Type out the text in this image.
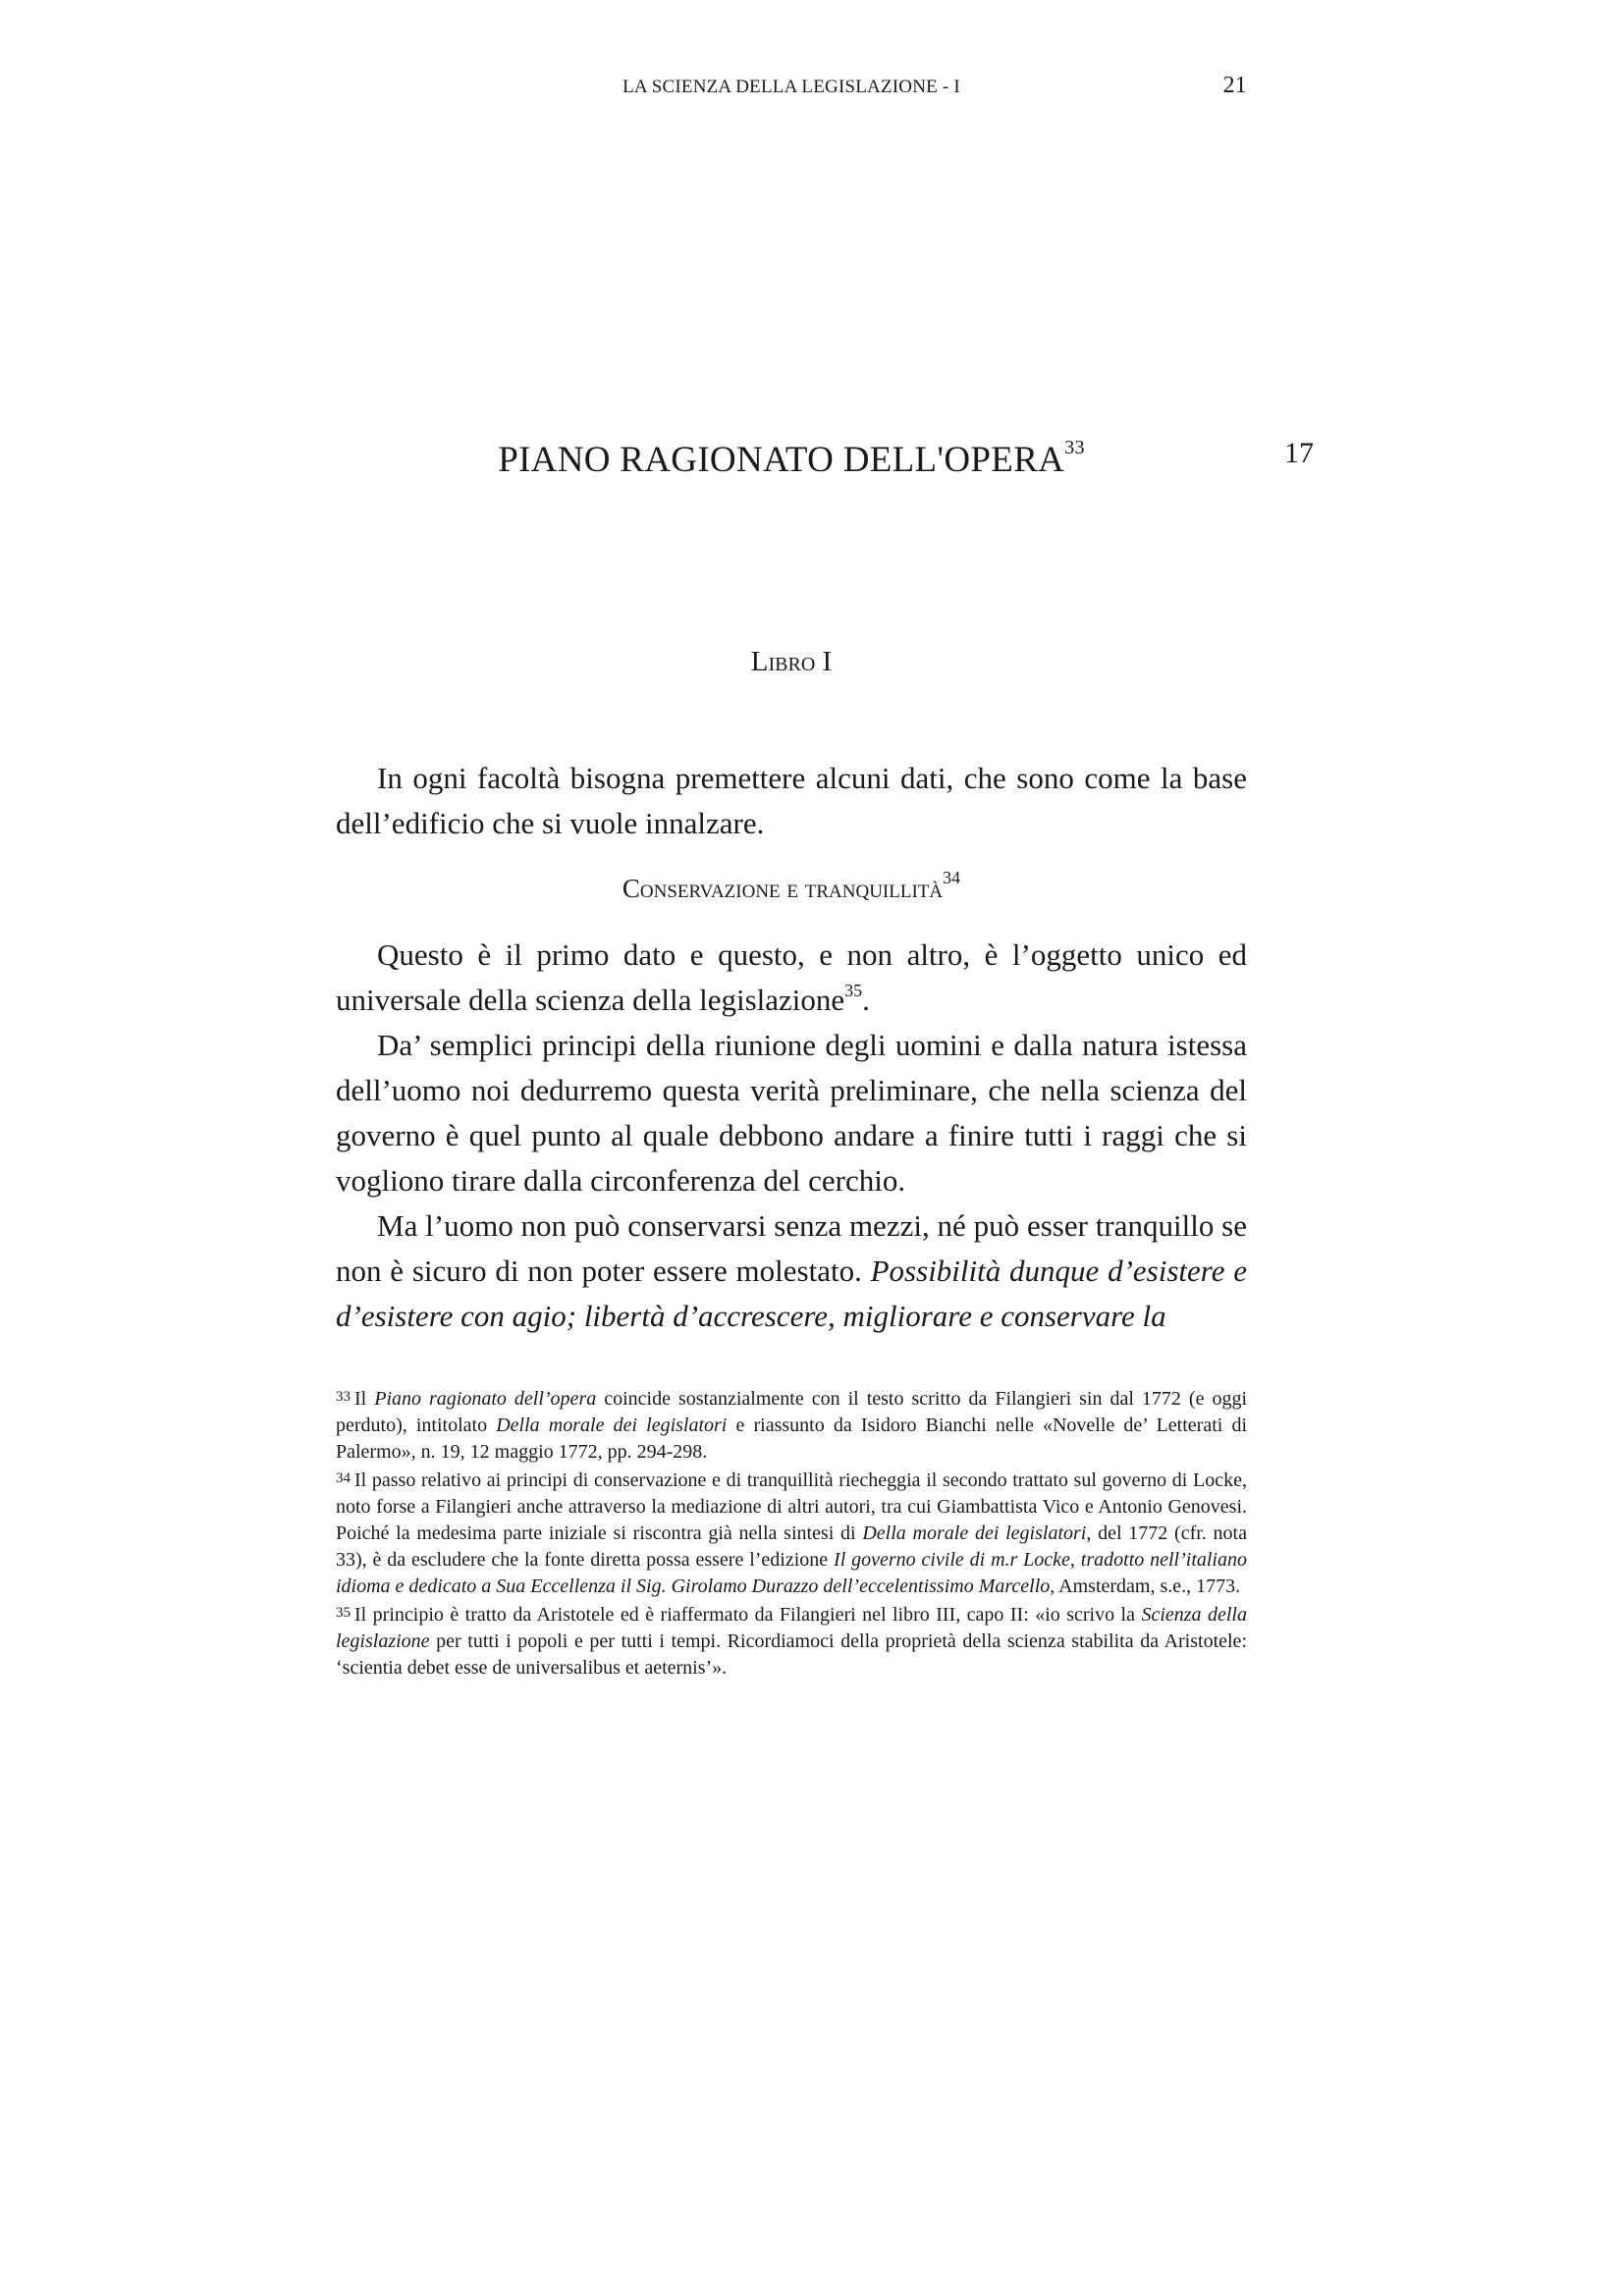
LA SCIENZA DELLA LEGISLAZIONE - I	21
PIANO RAGIONATO DELL'OPERA$^{33}$	17
Libro I

In ogni facoltà bisogna premettere alcuni dati, che sono come la base dell’edificio che si vuole innalzare.

Conservazione e tranquillità$^{34}$

Questo è il primo dato e questo, e non altro, è l’oggetto unico ed universale della scienza della legislazione$^{35}$.

Da’ semplici principi della riunione degli uomini e dalla natura istessa dell’uomo noi dedurremo questa verità preliminare, che nella scienza del governo è quel punto al quale debbono andare a finire tutti i raggi che si vogliono tirare dalla circonferenza del cerchio.

Ma l’uomo non può conservarsi senza mezzi, né può esser tranquillo se non è sicuro di non poter essere molestato. Possibilità dunque d’esistere e d’esistere con agio; libertà d’accrescere, migliorare e conservare la

$^{33}$ Il Piano ragionato dell’opera coincide sostanzialmente con il testo scritto da Filangieri sin dal 1772 (e oggi perduto), intitolato Della morale dei legislatori e riassunto da Isidoro Bianchi nelle «Novelle de’ Letterati di Palermo», n. 19, 12 maggio 1772, pp. 294-298.

$^{34}$ Il passo relativo ai principi di conservazione e di tranquillità riecheggia il secondo trattato sul governo di Locke, noto forse a Filangieri anche attraverso la mediazione di altri autori, tra cui Giambattista Vico e Antonio Genovesi. Poiché la medesima parte iniziale si riscontra già nella sintesi di Della morale dei legislatori, del 1772 (cfr. nota 33), è da escludere che la fonte diretta possa essere l’edizione Il governo civile di m.r Locke, tradotto nell’italiano idioma e dedicato a Sua Eccellenza il Sig. Girolamo Durazzo dell’eccelentissimo Marcello, Amsterdam, s.e., 1773.

$^{35}$ Il principio è tratto da Aristotele ed è riaffermato da Filangieri nel libro III, capo II: «io scrivo la Scienza della legislazione per tutti i popoli e per tutti i tempi. Ricordiamoci della proprietà della scienza stabilita da Aristotele: ‘scientia debet esse de universalibus et aeternis’».
